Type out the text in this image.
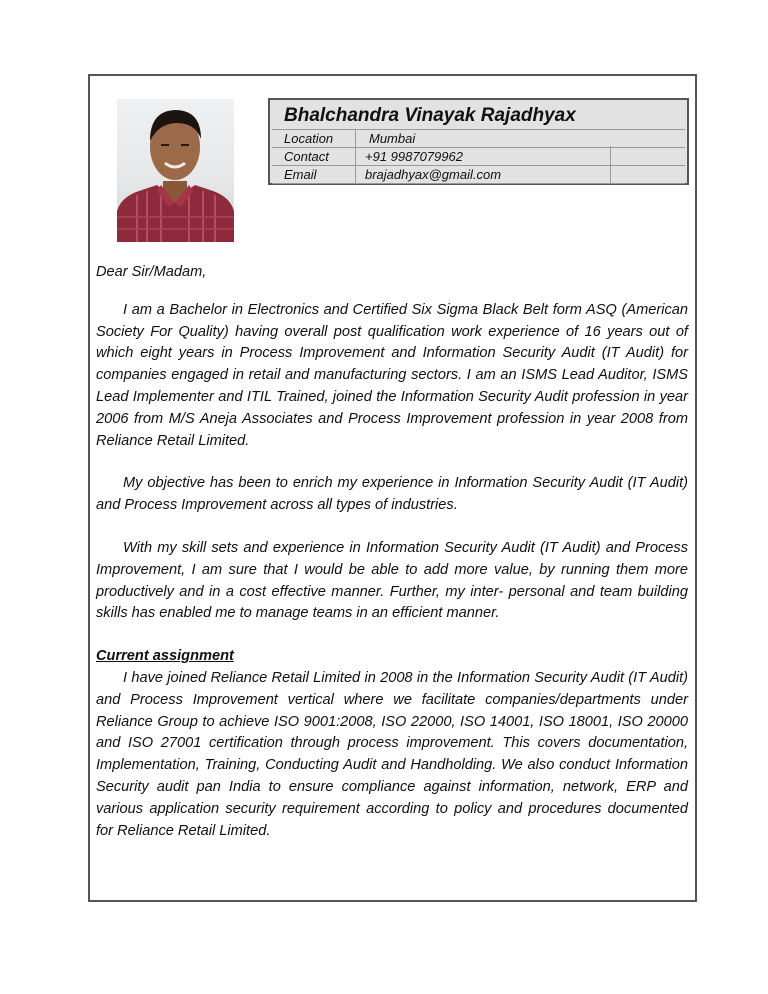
Bhalchandra Vinayak Rajadhyax
Location	Mumbai
Contact	+91 9987079962
Email	brajadhyax@gmail.com

Dear Sir/Madam,

I am a Bachelor in Electronics and Certified Six Sigma Black Belt form ASQ (American Society For Quality) having overall post qualification work experience of 16 years out of which eight years in Process Improvement and Information Security Audit (IT Audit) for companies engaged in retail and manufacturing sectors. I am an ISMS Lead Auditor, ISMS Lead Implementer and ITIL Trained, joined the Information Security Audit profession in year 2006 from M/S Aneja Associates and Process Improvement profession in year 2008 from Reliance Retail Limited.

My objective has been to enrich my experience in Information Security Audit (IT Audit) and Process Improvement across all types of industries.

With my skill sets and experience in Information Security Audit (IT Audit) and Process Improvement, I am sure that I would be able to add more value, by running them more productively and in a cost effective manner. Further, my inter- personal and team building skills has enabled me to manage teams in an efficient manner.

Current assignment

I have joined Reliance Retail Limited in 2008 in the Information Security Audit (IT Audit) and Process Improvement vertical where we facilitate companies/departments under Reliance Group to achieve ISO 9001:2008, ISO 22000, ISO 14001, ISO 18001, ISO 20000 and ISO 27001 certification through process improvement. This covers documentation, Implementation, Training, Conducting Audit and Handholding. We also conduct Information Security audit pan India to ensure compliance against information, network, ERP and various application security requirement according to policy and procedures documented for Reliance Retail Limited.
